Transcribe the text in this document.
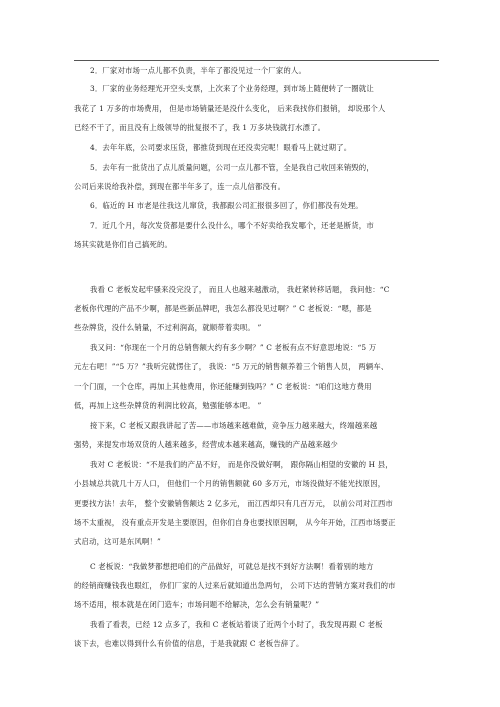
2．厂家对市场一点儿都不负责，半年了都没见过一个厂家的人。
3．厂家的业务经理光开空头支票，上次来了个业务经理，到市场上随便转了一圈就让
我花了 1 万多的市场费用， 但是市场销量还是没什么变化， 后来我找你们报销， 却说那个人
已经不干了，而且没有上级领导的批复报不了，我 1 万多块钱就打水漂了。
4．去年年底，公司要求压货，都推货到现在还没卖完呢！眼看马上就过期了。
5．去年有一批货出了点儿质量问题，公司一点儿都不管，全是我自己收回来销毁的，
公司后来说给我补偿，到现在都半年多了，连一点儿信都没有。
6．临近的 H 市老是往我这儿窜货，我都跟公司汇报很多回了，你们都没有处理。
7．近几个月，每次发货都是要什么没什么，哪个不好卖给我发哪个，还老是断货，市
场其实就是你们自己搞死的。
我看 C 老板发起牢骚来没完没了， 而且人也越来越激动， 我赶紧转移话题， 我问他：“C
老板你代理的产品不少啊，都是些新品牌吧，我怎么都没见过啊？” C 老板说：“嗯，都是
些杂牌货，没什么销量，不过利润高，就顺带着卖呗。 ”
我又问：“你现在一个月的总销售额大约有多少啊？” C 老板有点不好意思地说：“5 万
元左右吧！”“5 万？”我听完就愣住了， 我说：“5 万元的销售额养着三个销售人员， 两辆车、
一个门面，一个仓库，再加上其他费用，你还能赚到钱吗？” C 老板说：“咱们这地方费用
低，再加上这些杂牌货的利润比较高，勉强能够本吧。 ”
接下来，C 老板又跟我讲起了苦——市场越来越难做，竞争压力越来越大，终端越来越
强势，来提发市场双货的人越来越多，经营成本越来越高，赚钱的产品越来越少
我对 C 老板说：“不是我们的产品不好， 而是你没做好啊， 跟你隔山相望的安徽的 H 县，
小县城总共就几十万人口， 但他们一个月的销售额就 60 多万元，市场没做好不能光找原因，
更要找方法！去年， 整个安徽销售额达 2 亿多元， 而江西却只有几百万元， 以前公司对江西市
场不太重视， 没有重点开发是主要原因，但你们自身也要找原因啊， 从今年开始，江西市场要正
式启动，这可是东风啊！”
C 老板说：“我做梦都想把咱们的产品做好，可就总是找不到好方法啊！看着别的地方
的经销商赚钱我也眼红， 你们厂家的人过来后就知道出急两句， 公司下达的营销方案对我们的市
场不适用，根本就是在闭门造车；市场问题不给解决，怎么会有销量呢？”
我看了看表，已经 12 点多了，我和 C 老板站着谈了近两个小时了，我发现再跟 C 老板
谈下去，也难以得到什么有价值的信息，于是我就跟 C 老板告辞了。
